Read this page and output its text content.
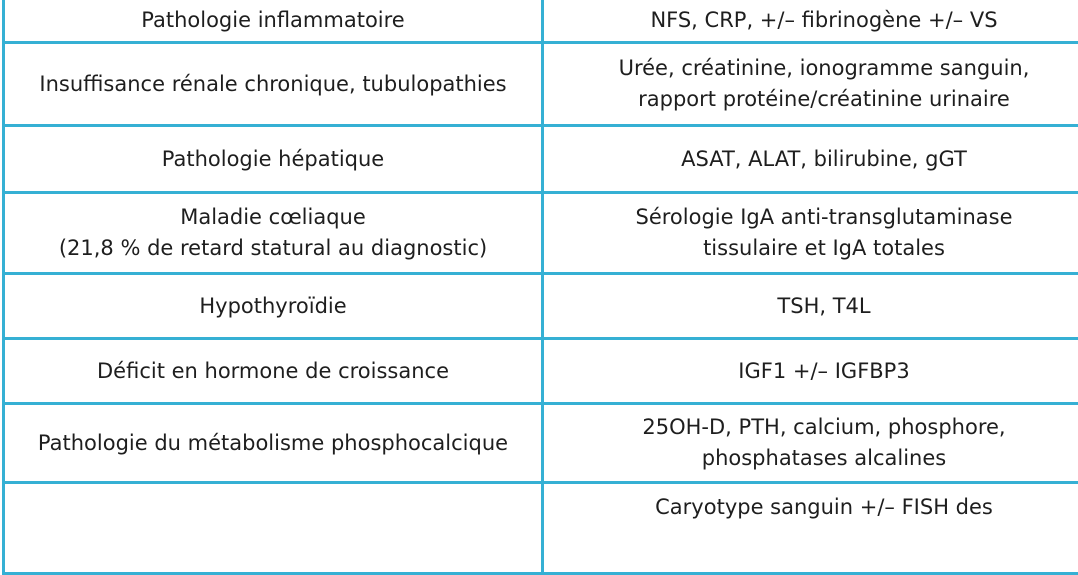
Pathologie inflammatoire	NFS, CRP, +/– fibrinogène +/– VS

Insuffisance rénale chronique, tubulopathies	Urée, créatinine, ionogramme sanguin,
rapport protéine/créatinine urinaire

Pathologie hépatique	ASAT, ALAT, bilirubine, gGT

Maladie cœliaque
(21,8 % de retard statural au diagnostic)	Sérologie IgA anti-transglutaminase
tissulaire et IgA totales

Hypothyroïdie	TSH, T4L

Déficit en hormone de croissance	IGF1 +/– IGFBP3

Pathologie du métabolisme phosphocalcique	25OH-D, PTH, calcium, phosphore,
phosphatases alcalines

	Caryotype sanguin +/– FISH des
